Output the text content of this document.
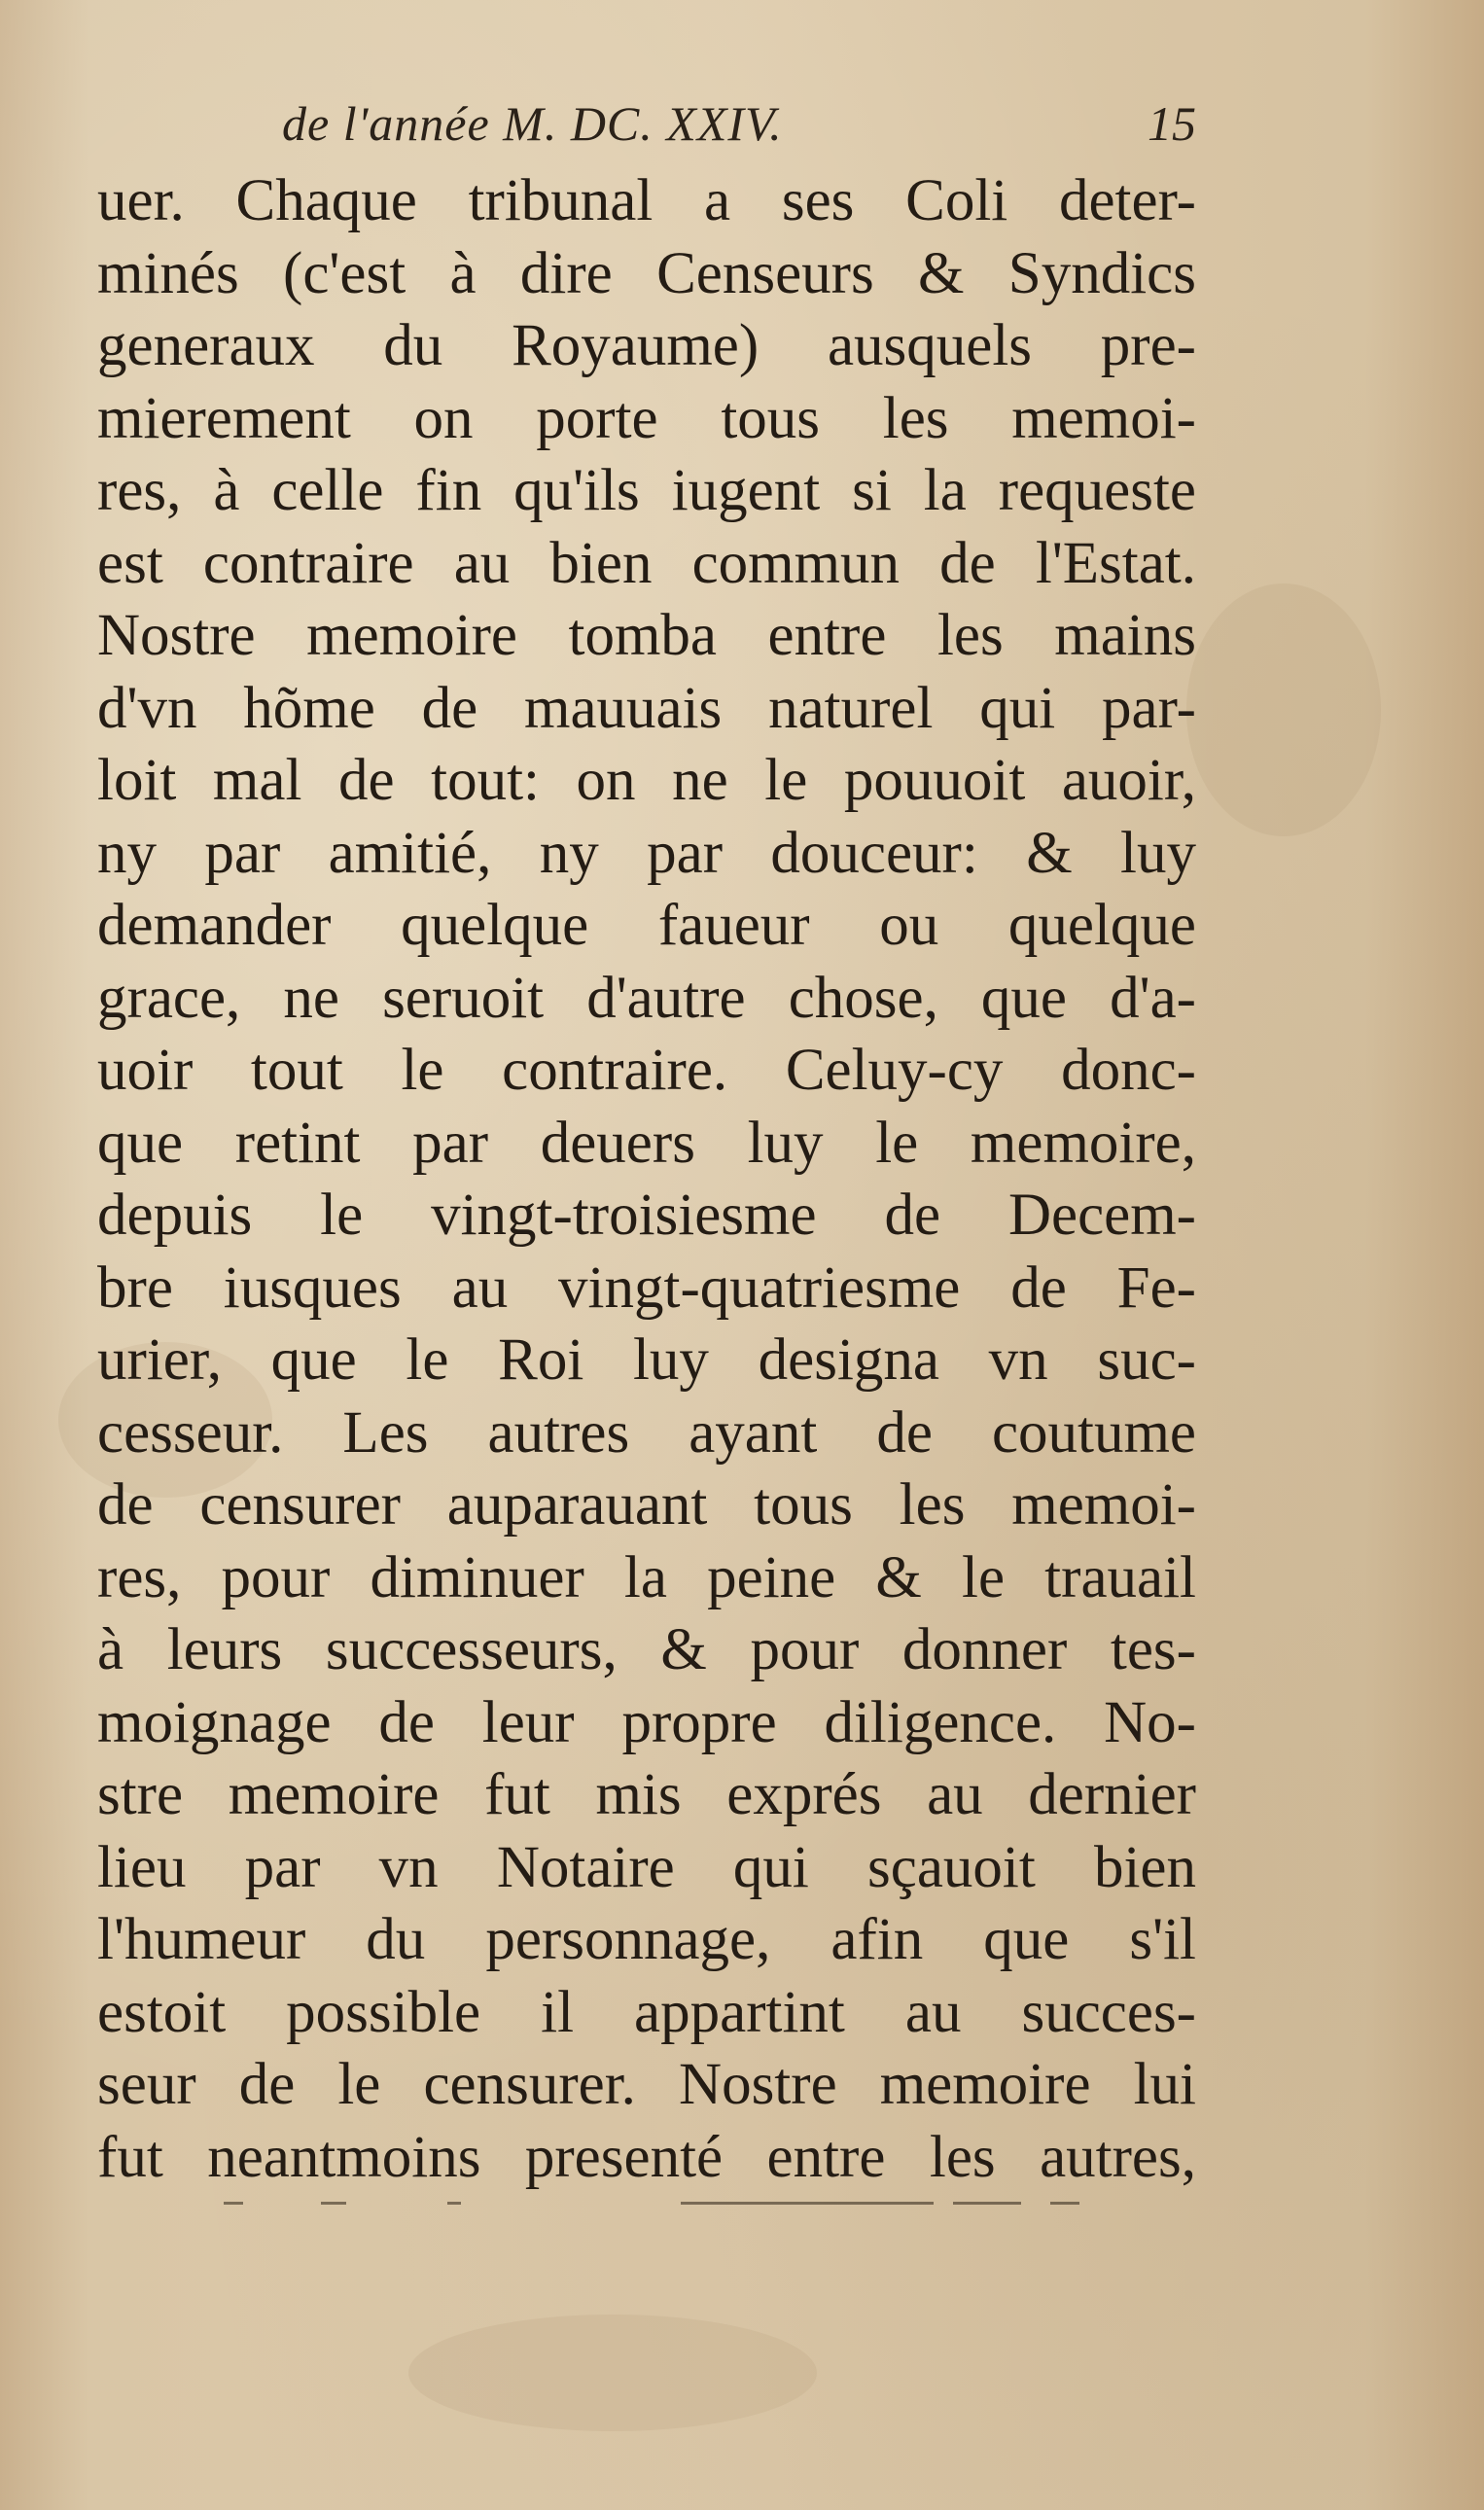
de l'année M. DC. XXIV.	15
uer. Chaque tribunal a ses Coli deter-
minés (c'est à dire Censeurs & Syndics
generaux du Royaume) ausquels pre-
mierement on porte tous les memoi-
res, à celle fin qu'ils iugent si la requeste
est contraire au bien commun de l'Estat.
Nostre memoire tomba entre les mains
d'vn hõme de mauuais naturel qui par-
loit mal de tout: on ne le pouuoit auoir,
ny par amitié, ny par douceur: & luy
demander quelque faueur ou quelque
grace, ne seruoit d'autre chose, que d'a-
uoir tout le contraire. Celuy-cy donc-
que retint par deuers luy le memoire,
depuis le vingt-troisiesme de Decem-
bre iusques au vingt-quatriesme de Fe-
urier, que le Roi luy designa vn suc-
cesseur. Les autres ayant de coutume
de censurer auparauant tous les memoi-
res, pour diminuer la peine & le trauail
à leurs successeurs, & pour donner tes-
moignage de leur propre diligence. No-
stre memoire fut mis exprés au dernier
lieu par vn Notaire qui sçauoit bien
l'humeur du personnage, afin que s'il
estoit possible il appartint au succes-
seur de le censurer. Nostre memoire lui
fut neantmoins presenté entre les autres,
